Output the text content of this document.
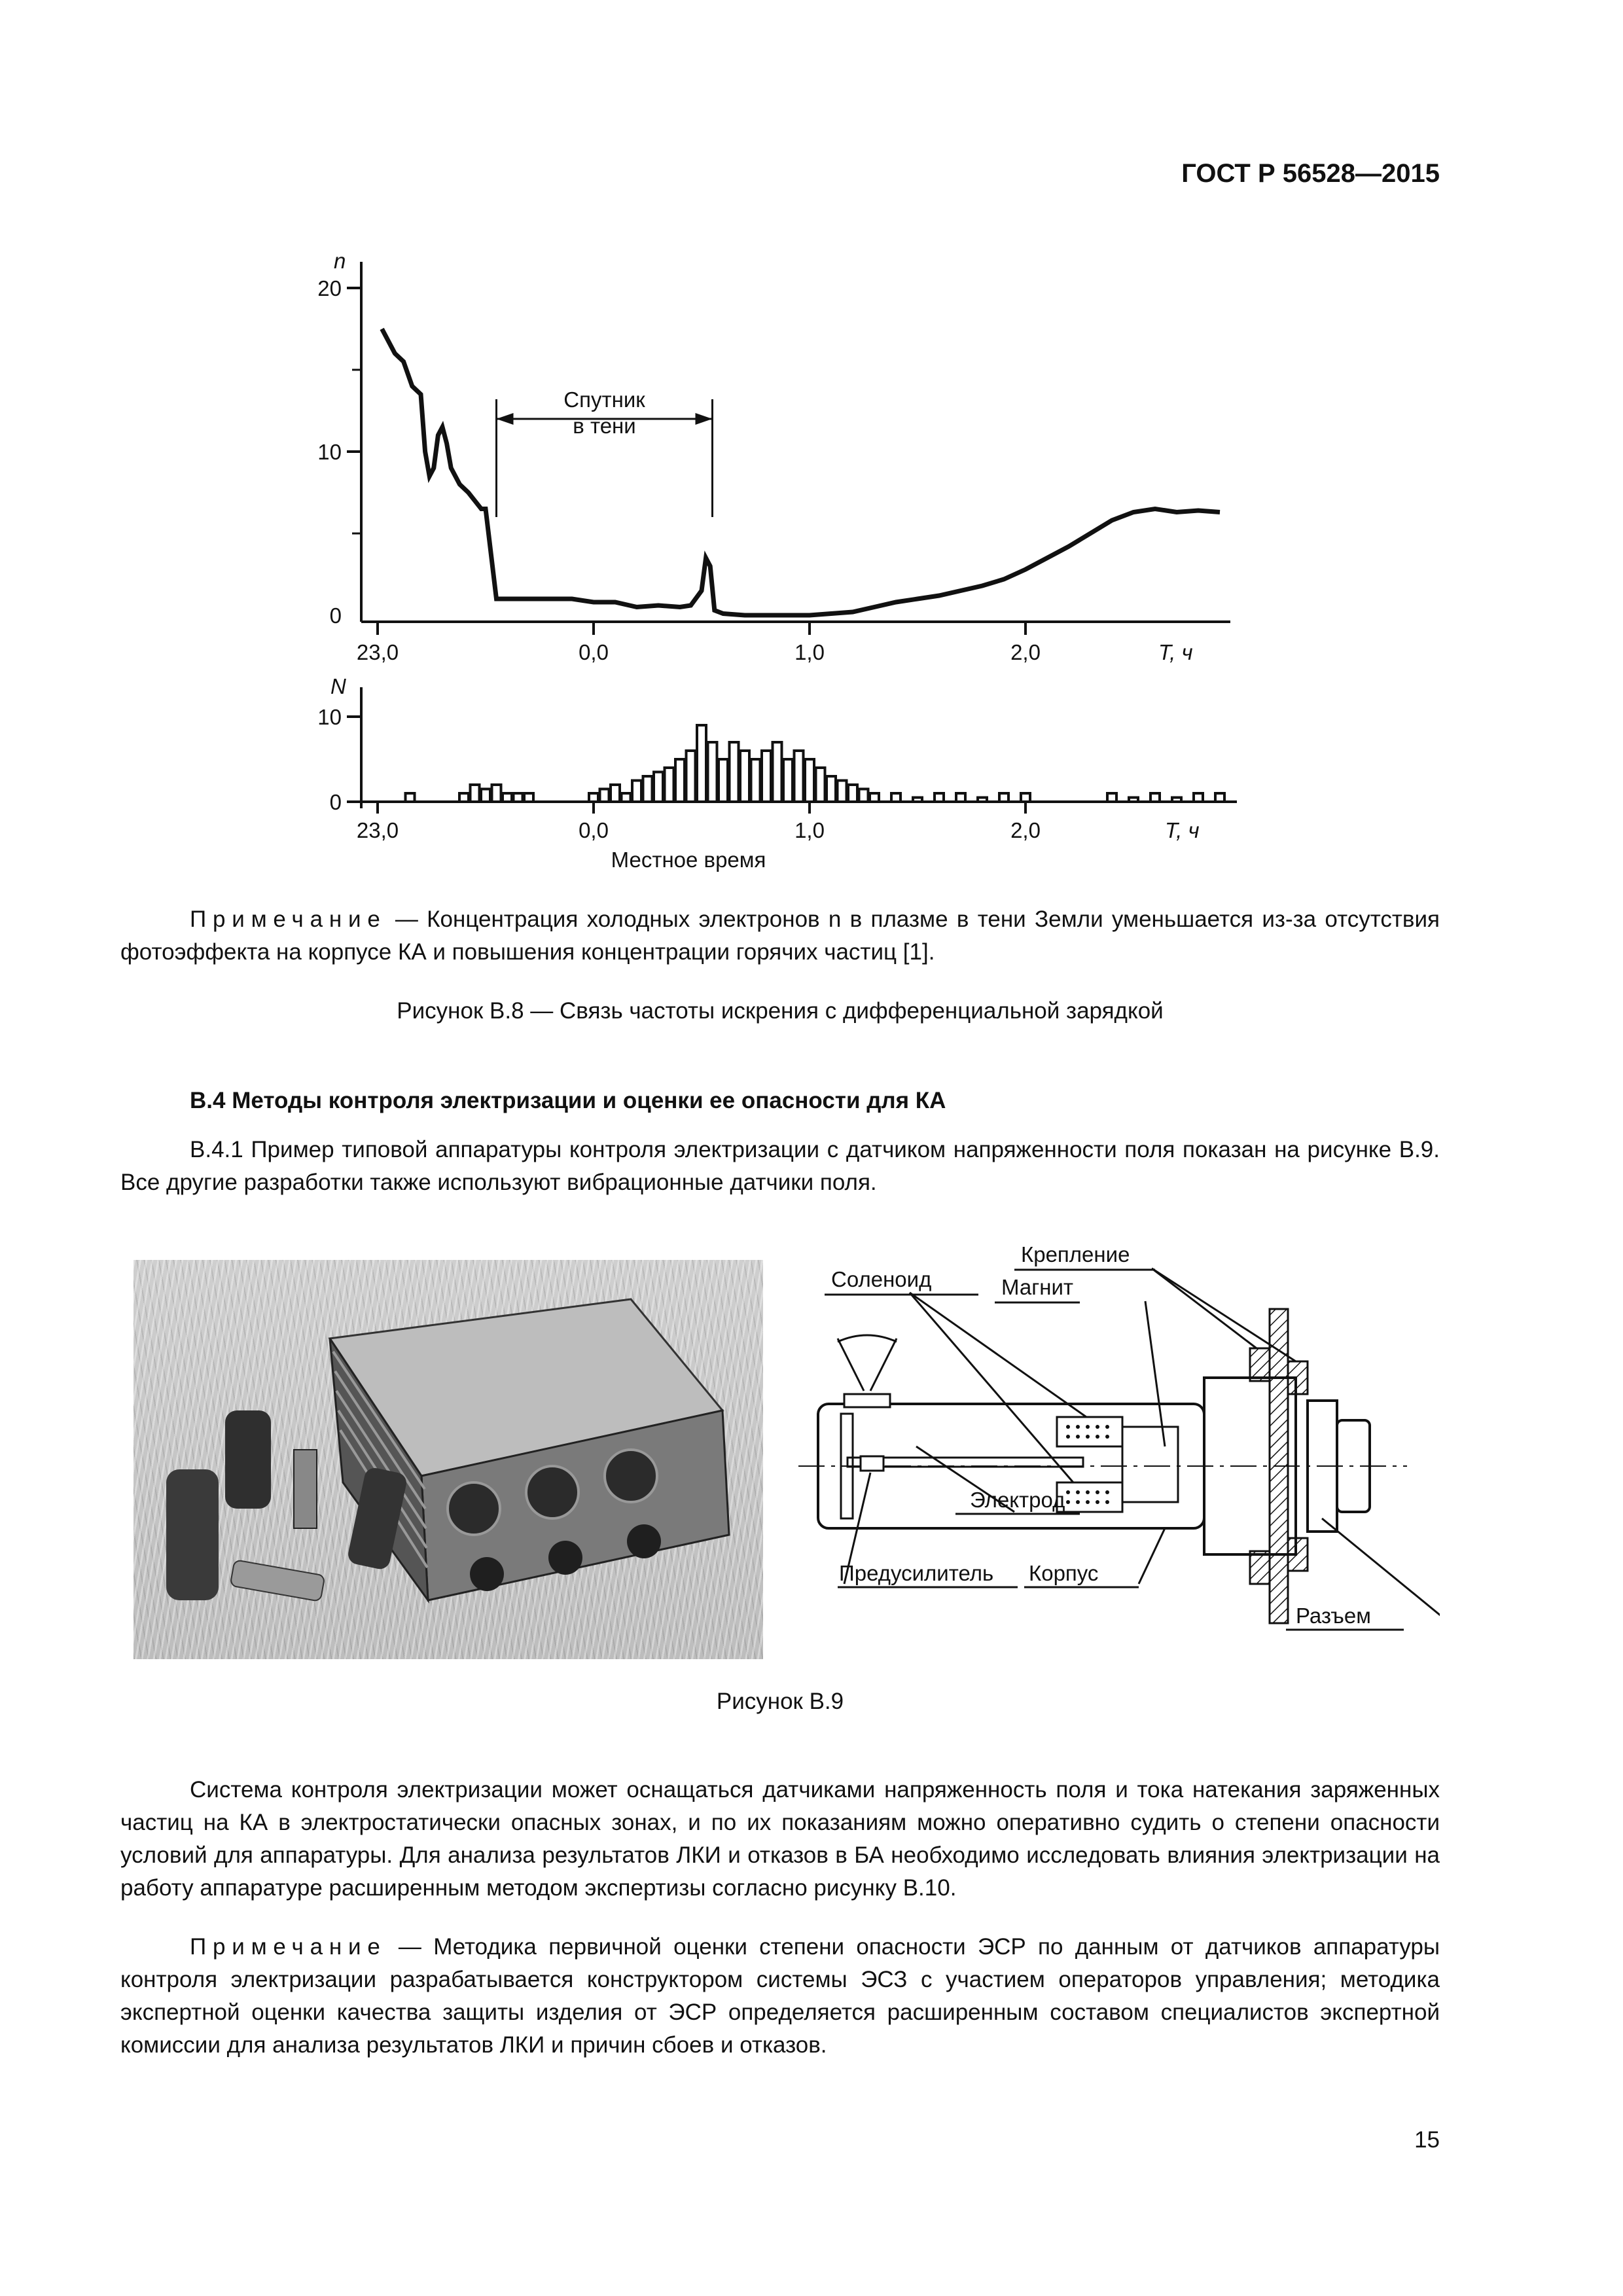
ГОСТ Р 56528—2015
0
10
20
n
23,0	0,0	1,0	2,0	T, ч
Спутник
в тени
0
10
N
23,0	0,0	1,0	2,0	T, ч
Местное время
Примечание — Концентрация холодных электронов n в плазме в тени Земли уменьшается из-за отсутствия фотоэффекта на корпусе КА и повышения концентрации горячих частиц [1].
Рисунок В.8 — Связь частоты искрения с дифференциальной зарядкой
В.4 Методы контроля электризации и оценки ее опасности для КА
В.4.1 Пример типовой аппаратуры контроля электризации с датчиком напряженности поля показан на рисунке В.9. Все другие разработки также используют вибрационные датчики поля.
Крепление
Соленоид	Магнит
Электрод
Предусилитель Корпус
Разъем
Рисунок В.9
Система контроля электризации может оснащаться датчиками напряженность поля и тока натекания заряженных частиц на КА в электростатически опасных зонах, и по их показаниям можно оперативно судить о степени опасности условий для аппаратуры. Для анализа результатов ЛКИ и отказов в БА необходимо исследовать влияния электризации на работу аппаратуре расширенным методом экспертизы согласно рисунку В.10.
Примечание — Методика первичной оценки степени опасности ЭСР по данным от датчиков аппаратуры контроля электризации разрабатывается конструктором системы ЭСЗ с участием операторов управления; методика экспертной оценки качества защиты изделия от ЭСР определяется расширенным составом специалистов экспертной комиссии для анализа результатов ЛКИ и причин сбоев и отказов.
15
